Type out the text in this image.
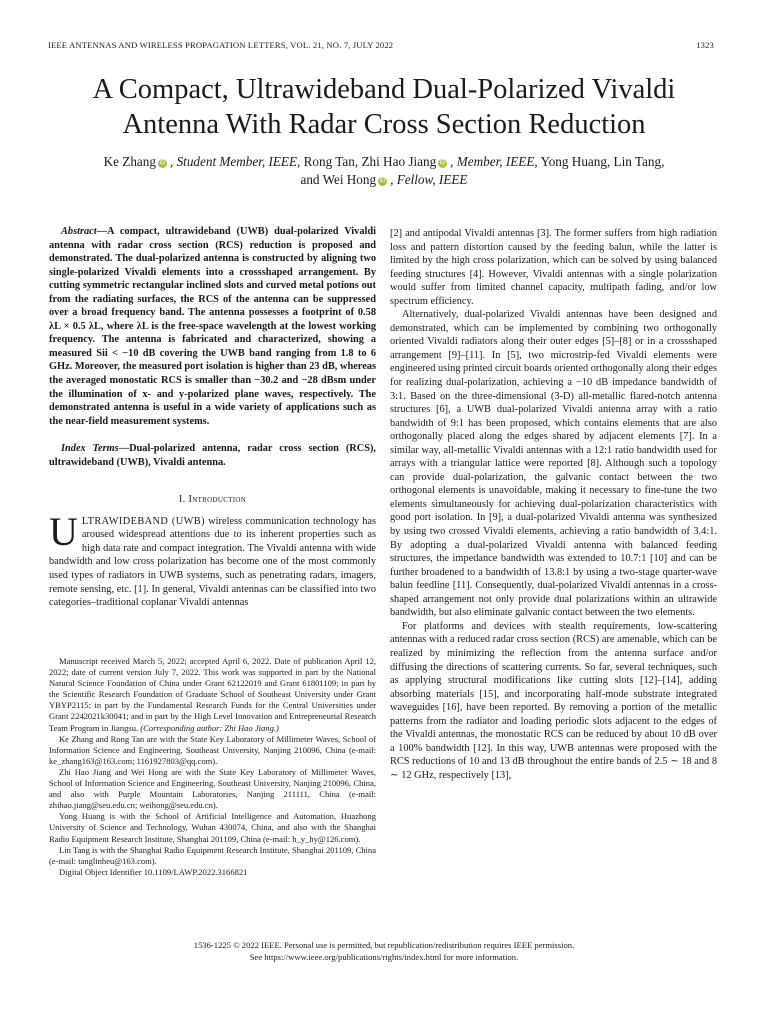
IEEE ANTENNAS AND WIRELESS PROPAGATION LETTERS, VOL. 21, NO. 7, JULY 2022	1323
A Compact, Ultrawideband Dual-Polarized Vivaldi
Antenna With Radar Cross Section Reduction
Ke Zhang iD , Student Member, IEEE, Rong Tan, Zhi Hao Jiang iD , Member, IEEE, Yong Huang, Lin Tang,
and Wei Hong iD , Fellow, IEEE

Abstract—A compact, ultrawideband (UWB) dual-polarized Vivaldi antenna with radar cross section (RCS) reduction is proposed and demonstrated. The dual-polarized antenna is constructed by aligning two single-polarized Vivaldi elements into a crossshaped arrangement. By cutting symmetric rectangular inclined slots and curved metal potions out from the radiating surfaces, the RCS of the antenna can be suppressed over a broad frequency band. The antenna possesses a footprint of 0.58 λL × 0.5 λL, where λL is the free-space wavelength at the lowest working frequency. The antenna is fabricated and characterized, showing a measured Sii < −10 dB covering the UWB band ranging from 1.8 to 6 GHz. Moreover, the measured port isolation is higher than 23 dB, whereas the averaged monostatic RCS is smaller than −30.2 and −28 dBsm under the illumination of x- and y-polarized plane waves, respectively. The demonstrated antenna is useful in a wide variety of applications such as the near-field measurement systems.

Index Terms—Dual-polarized antenna, radar cross section (RCS), ultrawideband (UWB), Vivaldi antenna.

I. Introduction

ULTRAWIDEBAND (UWB) wireless communication technology has aroused widespread attentions due to its inherent properties such as high data rate and compact integration. The Vivaldi antenna with wide bandwidth and low cross polarization has become one of the most commonly used types of radiators in UWB systems, such as penetrating radars, imagers, remote sensing, etc. [1]. In general, Vivaldi antennas can be classified into two categories–traditional coplanar Vivaldi antennas

Manuscript received March 5, 2022; accepted April 6, 2022. Date of publication April 12, 2022; date of current version July 7, 2022. This work was supported in part by the National Natural Science Foundation of China under Grant 62122019 and Grant 61801109; in part by the Scientific Research Foundation of Graduate School of Southeast University under Grant YBYP2115; in part by the Fundamental Research Funds for the Central Universities under Grant 2242021k30041; and in part by the High Level Innovation and Entrepreneurial Research Team Program in Jiangsu. (Corresponding author: Zhi Hao Jiang.)

Ke Zhang and Rong Tan are with the State Key Laboratory of Millimeter Waves, School of Information Science and Engineering, Southeast University, Nanjing 210096, China (e-mail: ke_zhang163@163.com; 1161927803@qq.com).

Zhi Hao Jiang and Wei Hong are with the State Key Laboratory of Millimeter Waves, School of Information Science and Engineering, Southeast University, Nanjing 210096, China, and also with Purple Mountain Laboratories, Nanjing 211111, China (e-mail: zhihao.jiang@seu.edu.cn; weihong@seu.edu.cn).

Yong Huang is with the School of Artificial Intelligence and Automation, Huazhong University of Science and Technology, Wuhan 430074, China, and also with the Shanghai Radio Equipment Research Institute, Shanghai 201109, China (e-mail: h_y_hy@126.com).

Lin Tang is with the Shanghai Radio Equipment Research Institute, Shanghai 201109, China (e-mail: tanglinheu@163.com).

Digital Object Identifier 10.1109/LAWP.2022.3166821

[2] and antipodal Vivaldi antennas [3]. The former suffers from high radiation loss and pattern distortion caused by the feeding balun, while the latter is limited by the high cross polarization, which can be solved by using balanced feeding structures [4]. However, Vivaldi antennas with a single polarization would suffer from limited channel capacity, multipath fading, and/or low spectrum efficiency.

Alternatively, dual-polarized Vivaldi antennas have been designed and demonstrated, which can be implemented by combining two orthogonally oriented Vivaldi radiators along their outer edges [5]–[8] or in a crossshaped arrangement [9]–[11]. In [5], two microstrip-fed Vivaldi elements were engineered using printed circuit boards oriented orthogonally along their edges for realizing dual-polarization, achieving a −10 dB impedance bandwidth of 3:1. Based on the three-dimensional (3-D) all-metallic flared-notch antenna structures [6], a UWB dual-polarized Vivaldi antenna array with a ratio bandwidth of 9:1 has been proposed, which contains elements that are also orthogonally placed along the edges shared by adjacent elements [7]. In a similar way, all-metallic Vivaldi antennas with a 12:1 ratio bandwidth used for arrays with a triangular lattice were reported [8]. Although such a topology can provide dual-polarization, the galvanic contact between the two orthogonal elements is unavoidable, making it necessary to fine-tune the two elements simultaneously for achieving dual-polarization characteristics with good port isolation. In [9], a dual-polarized Vivaldi antenna was synthesized by using two crossed Vivaldi elements, achieving a ratio bandwidth of 3.4:1. By adopting a dual-polarized Vivaldi antenna with balanced feeding structures, the impedance bandwidth was extended to 10.7:1 [10] and can be further broadened to a bandwidth of 13.8:1 by using a two-stage quarter-wave balun feedline [11]. Consequently, dual-polarized Vivaldi antennas in a cross-shaped arrangement not only provide dual polarizations within an ultrawide bandwidth, but also eliminate galvanic contact between the two elements.

For platforms and devices with stealth requirements, low-scattering antennas with a reduced radar cross section (RCS) are amenable, which can be realized by minimizing the reflection from the antenna surface and/or diffusing the directions of scattering currents. So far, several techniques, such as applying structural modifications like cutting slots [12]–[14], adding absorbing materials [15], and incorporating half-mode substrate integrated waveguides [16], have been reported. By removing a portion of the metallic patterns from the radiator and loading periodic slots adjacent to the edges of the Vivaldi antennas, the monostatic RCS can be reduced by about 10 dB over a 100% bandwidth [12]. In this way, UWB antennas were proposed with the RCS reductions of 10 and 13 dB throughout the entire bands of 2.5 ∼ 18 and 8 ∼ 12 GHz, respectively [13],

1536-1225 © 2022 IEEE. Personal use is permitted, but republication/redistribution requires IEEE permission.
See https://www.ieee.org/publications/rights/index.html for more information.
